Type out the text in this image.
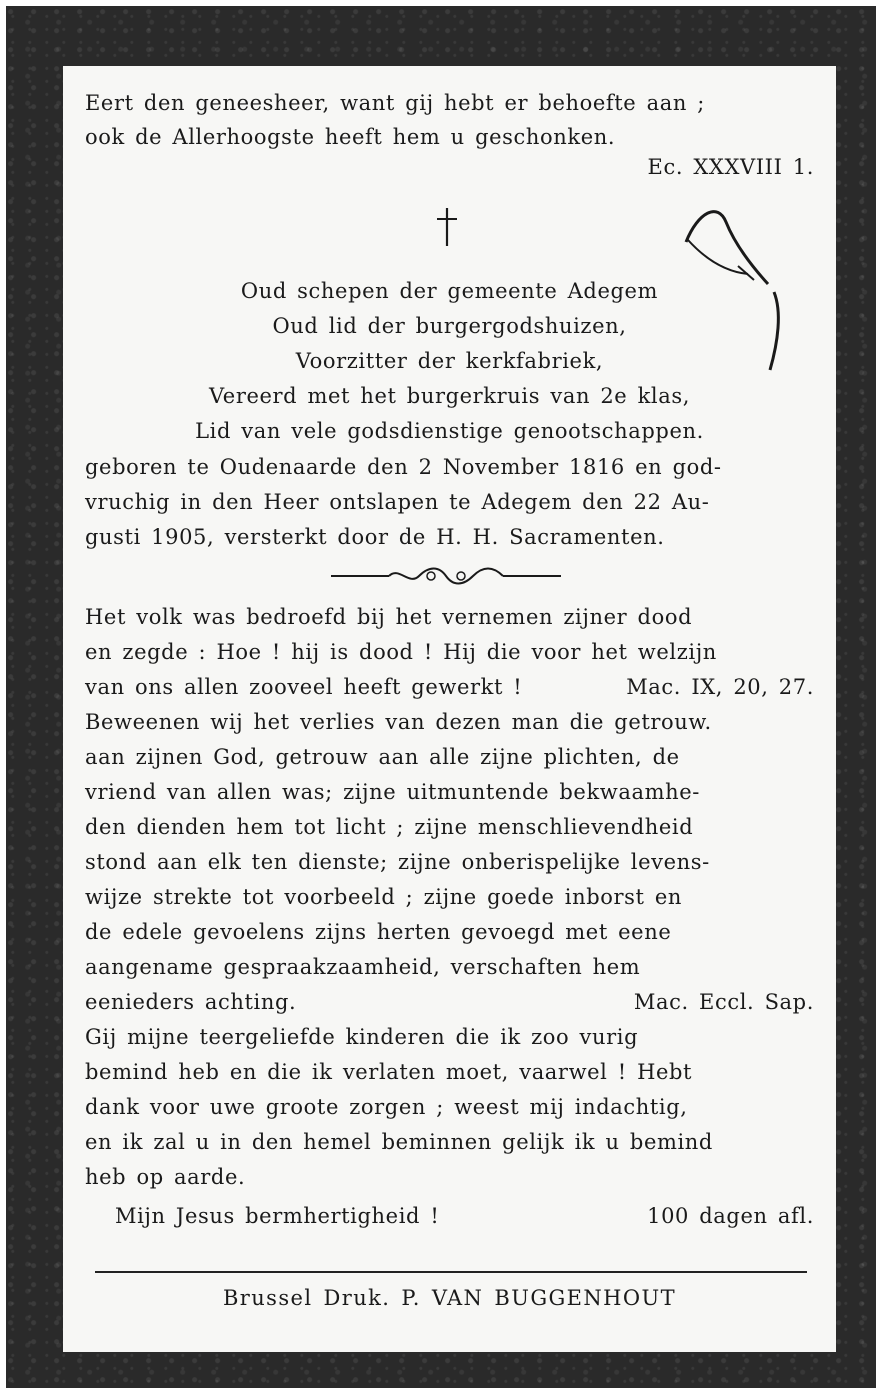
Eert den geneesheer, want gij hebt er behoefte aan ;
ook de Allerhoogste heeft hem u geschonken.
Ec. XXXVIII 1.
Oud schepen der gemeente Adegem
Oud lid der burgergodshuizen,
Voorzitter der kerkfabriek,
Vereerd met het burgerkruis van 2e klas,
Lid van vele godsdienstige genootschappen.
geboren te Oudenaarde den 2 November 1816 en god-
vruchig in den Heer ontslapen te Adegem den 22 Au-
gusti 1905, versterkt door de H. H. Sacramenten.
Het volk was bedroefd bij het vernemen zijner dood
en zegde : Hoe ! hij is dood ! Hij die voor het welzijn
van ons allen zooveel heeft gewerkt !	Mac. IX, 20, 27.
Beweenen wij het verlies van dezen man die getrouw.
aan zijnen God, getrouw aan alle zijne plichten, de
vriend van allen was; zijne uitmuntende bekwaamhe-
den dienden hem tot licht ; zijne menschlievendheid
stond aan elk ten dienste; zijne onberispelijke levens-
wijze strekte tot voorbeeld ; zijne goede inborst en
de edele gevoelens zijns herten gevoegd met eene
aangename gespraakzaamheid, verschaften hem
eenieders achting.	Mac. Eccl. Sap.
Gij mijne teergeliefde kinderen die ik zoo vurig
bemind heb en die ik verlaten moet, vaarwel ! Hebt
dank voor uwe groote zorgen ; weest mij indachtig,
en ik zal u in den hemel beminnen gelijk ik u bemind
heb op aarde.
Mijn Jesus bermhertigheid !	100 dagen afl.
Brussel Druk. P. VAN BUGGENHOUT
